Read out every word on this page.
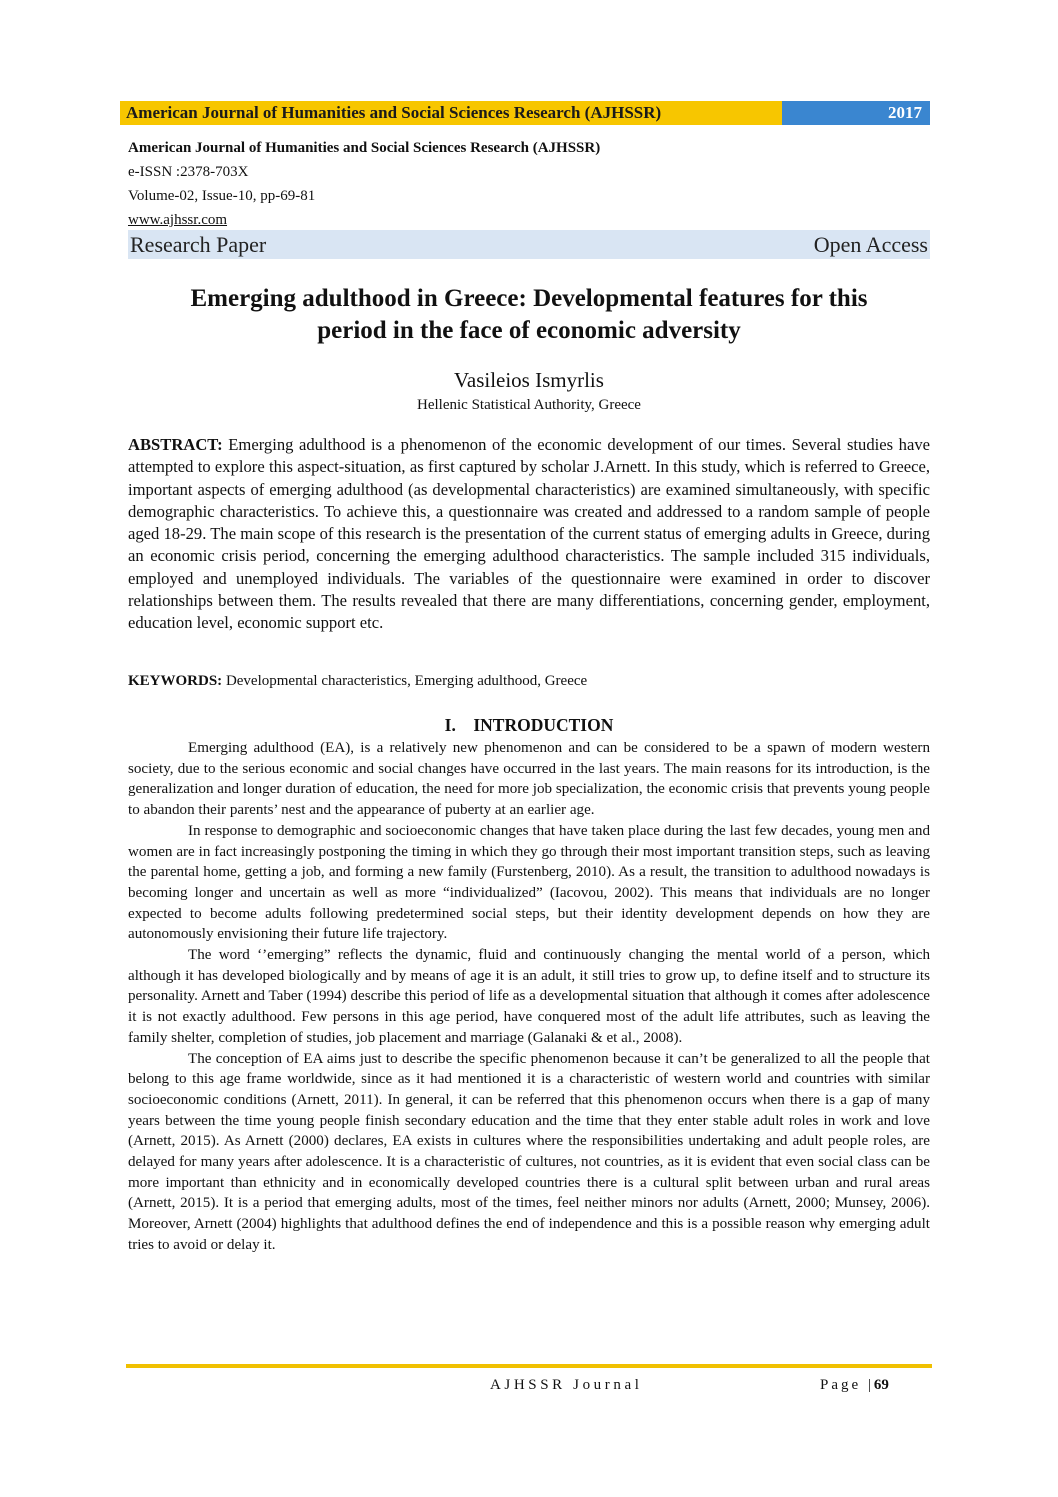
American Journal of Humanities and Social Sciences Research (AJHSSR)	2017
American Journal of Humanities and Social Sciences Research (AJHSSR)
e-ISSN :2378-703X
Volume-02, Issue-10, pp-69-81
www.ajhssr.com
Research Paper	Open Access
Emerging adulthood in Greece: Developmental features for this
period in the face of economic adversity
Vasileios Ismyrlis
Hellenic Statistical Authority, Greece

ABSTRACT: Emerging adulthood is a phenomenon of the economic development of our times. Several studies have attempted to explore this aspect-situation, as first captured by scholar J.Arnett. In this study, which is referred to Greece, important aspects of emerging adulthood (as developmental characteristics) are examined simultaneously, with specific demographic characteristics. To achieve this, a questionnaire was created and addressed to a random sample of people aged 18-29. The main scope of this research is the presentation of the current status of emerging adults in Greece, during an economic crisis period, concerning the emerging adulthood characteristics. The sample included 315 individuals, employed and unemployed individuals. The variables of the questionnaire were examined in order to discover relationships between them. The results revealed that there are many differentiations, concerning gender, employment, education level, economic support etc.

KEYWORDS: Developmental characteristics, Emerging adulthood, Greece

I.    INTRODUCTION

Emerging adulthood (EA), is a relatively new phenomenon and can be considered to be a spawn of modern western society, due to the serious economic and social changes have occurred in the last years. The main reasons for its introduction, is the generalization and longer duration of education, the need for more job specialization, the economic crisis that prevents young people to abandon their parents’ nest and the appearance of puberty at an earlier age.

In response to demographic and socioeconomic changes that have taken place during the last few decades, young men and women are in fact increasingly postponing the timing in which they go through their most important transition steps, such as leaving the parental home, getting a job, and forming a new family (Furstenberg, 2010). As a result, the transition to adulthood nowadays is becoming longer and uncertain as well as more “individualized” (Iacovou, 2002). This means that individuals are no longer expected to become adults following predetermined social steps, but their identity development depends on how they are autonomously envisioning their future life trajectory.

The word ‘’emerging” reflects the dynamic, fluid and continuously changing the mental world of a person, which although it has developed biologically and by means of age it is an adult, it still tries to grow up, to define itself and to structure its personality. Arnett and Taber (1994) describe this period of life as a developmental situation that although it comes after adolescence it is not exactly adulthood. Few persons in this age period, have conquered most of the adult life attributes, such as leaving the family shelter, completion of studies, job placement and marriage (Galanaki & et al., 2008).

The conception of EA aims just to describe the specific phenomenon because it can’t be generalized to all the people that belong to this age frame worldwide, since as it had mentioned it is a characteristic of western world and countries with similar socioeconomic conditions (Arnett, 2011). In general, it can be referred that this phenomenon occurs when there is a gap of many years between the time young people finish secondary education and the time that they enter stable adult roles in work and love (Arnett, 2015). As Arnett (2000) declares, EA exists in cultures where the responsibilities undertaking and adult people roles, are delayed for many years after adolescence. It is a characteristic of cultures, not countries, as it is evident that even social class can be more important than ethnicity and in economically developed countries there is a cultural split between urban and rural areas (Arnett, 2015). It is a period that emerging adults, most of the times, feel neither minors nor adults (Arnett, 2000; Munsey, 2006). Moreover, Arnett (2004) highlights that adulthood defines the end of independence and this is a possible reason why emerging adult tries to avoid or delay it.

AJHSSR Journal	Page |69
